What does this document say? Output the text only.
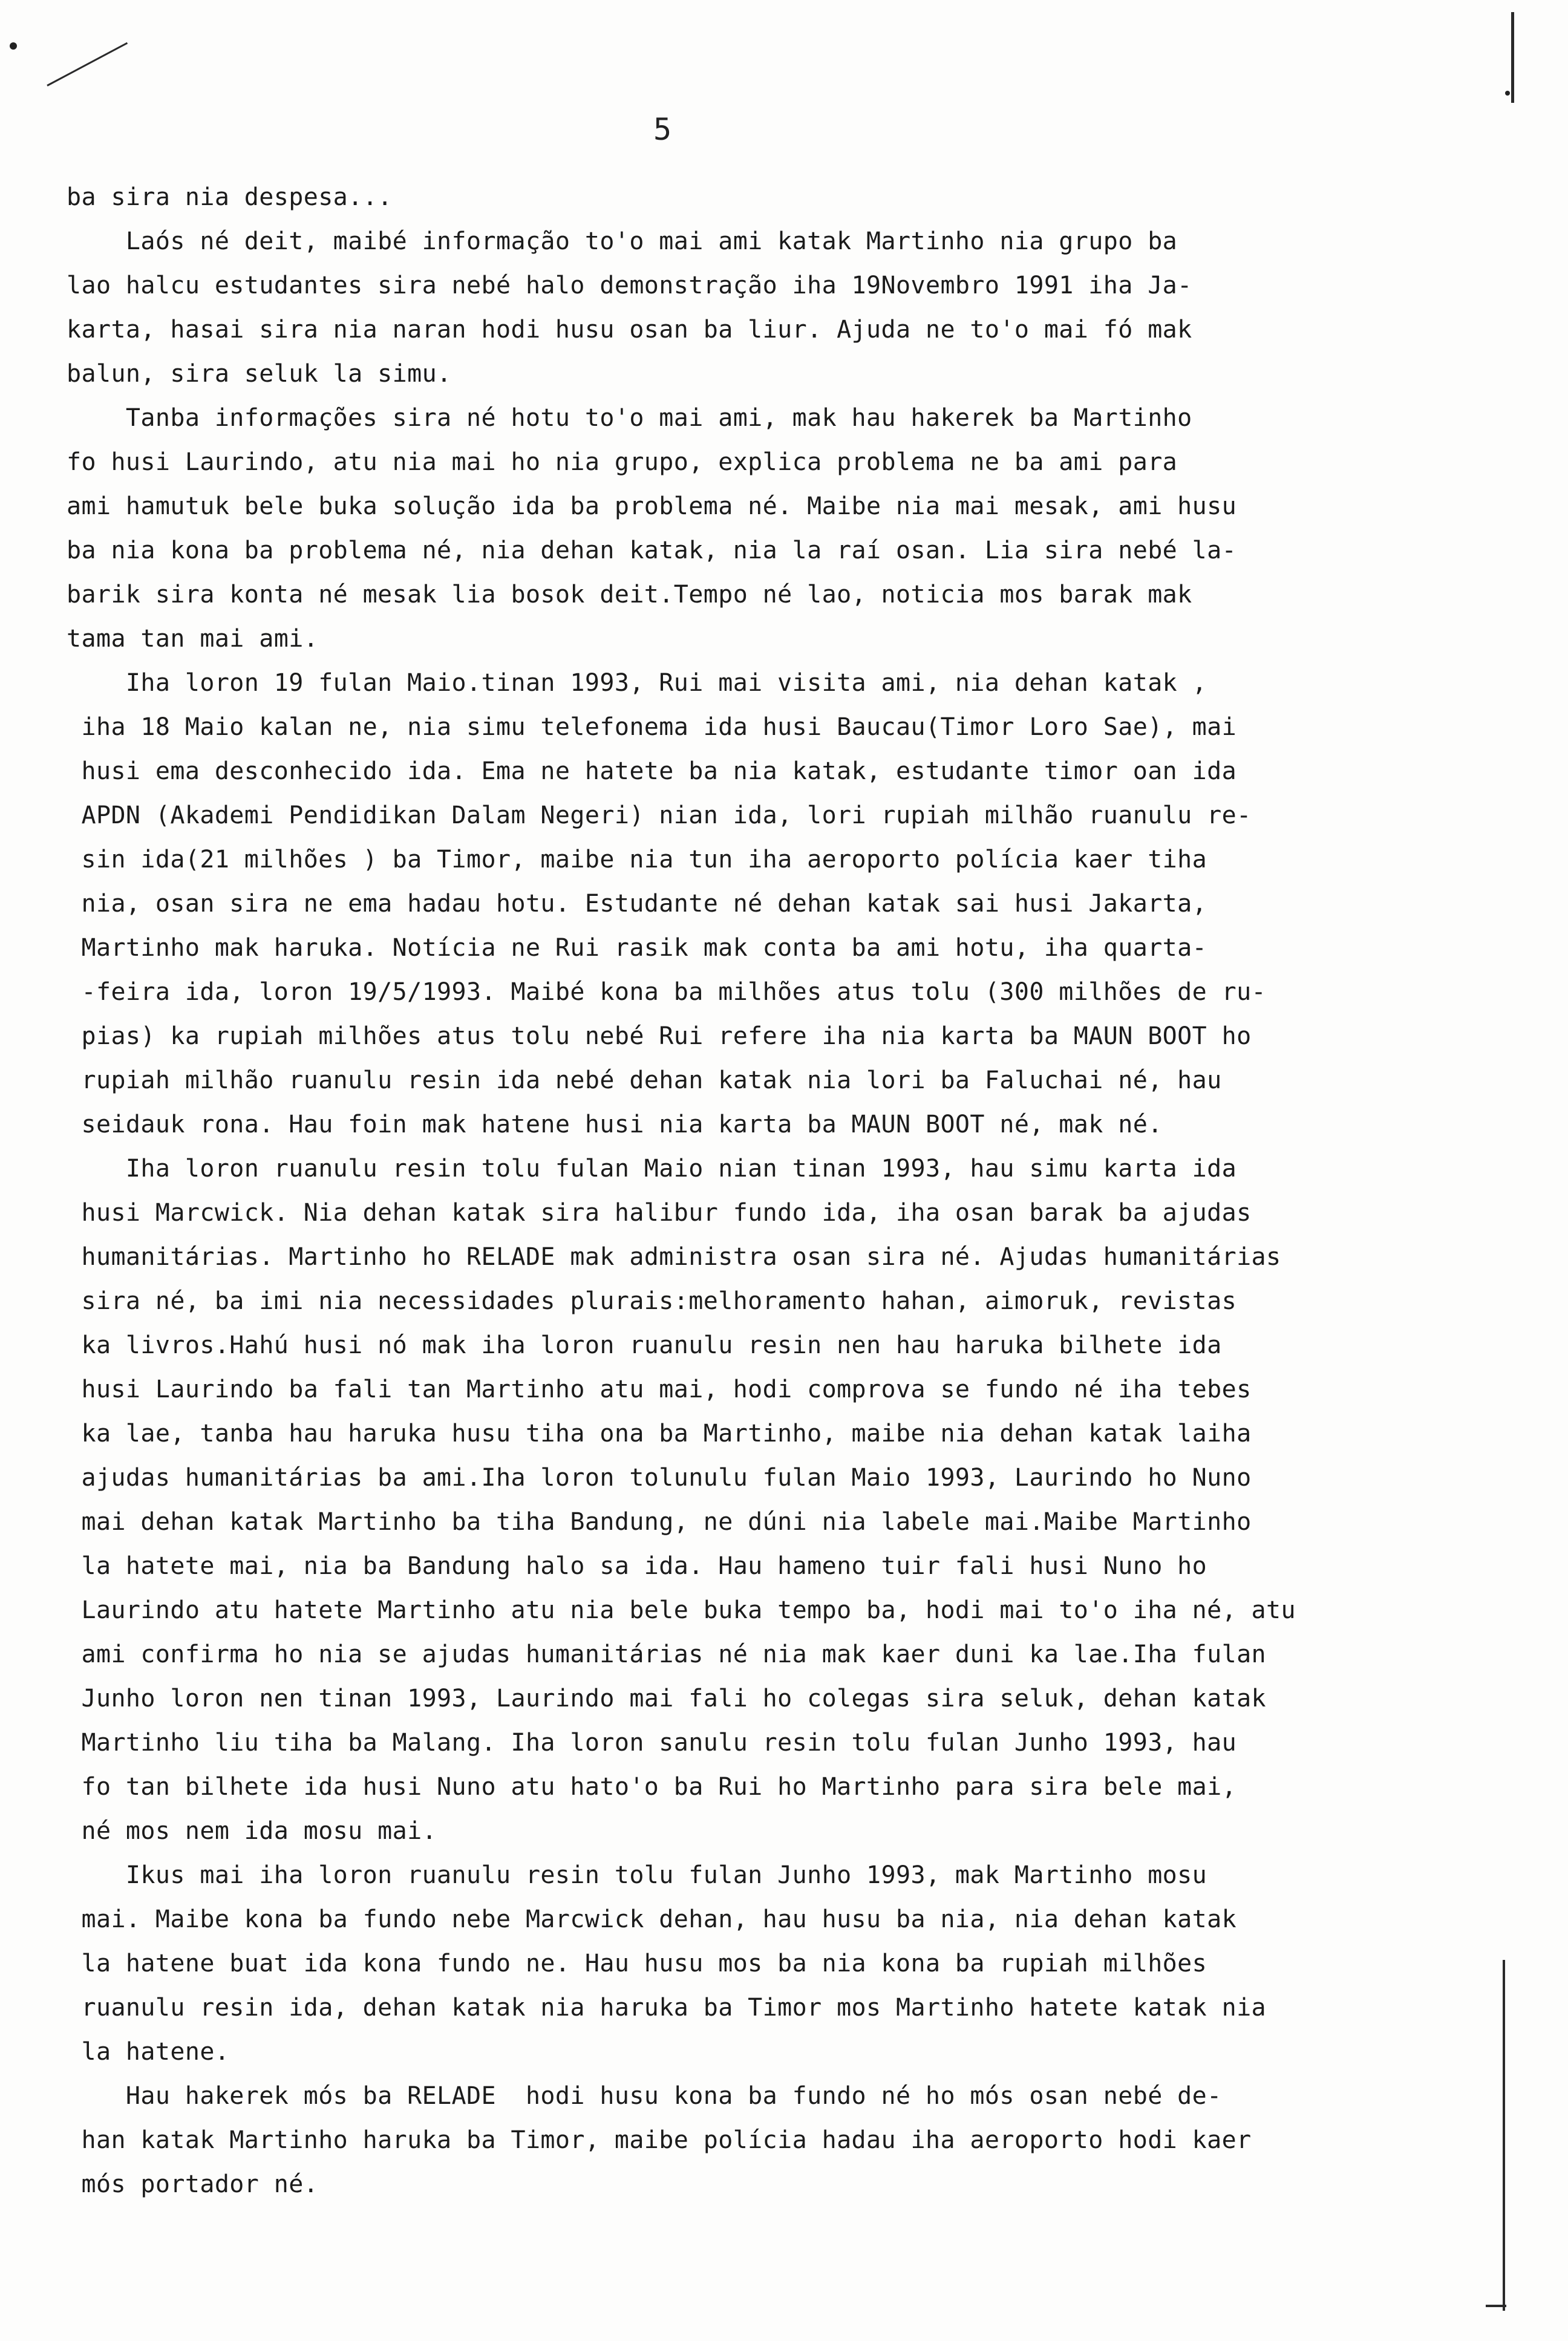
5
ba sira nia despesa...
Laós né deit, maibé informação to'o mai ami katak Martinho nia grupo ba
lao halcu estudantes sira nebé halo demonstração iha 19Novembro 1991 iha Ja-
karta, hasai sira nia naran hodi husu osan ba liur. Ajuda ne to'o mai fó mak
balun, sira seluk la simu.
Tanba informações sira né hotu to'o mai ami, mak hau hakerek ba Martinho
fo husi Laurindo, atu nia mai ho nia grupo, explica problema ne ba ami para
ami hamutuk bele buka solução ida ba problema né. Maibe nia mai mesak, ami husu
ba nia kona ba problema né, nia dehan katak, nia la raí osan. Lia sira nebé la-
barik sira konta né mesak lia bosok deit.Tempo né lao, noticia mos barak mak
tama tan mai ami.
Iha loron 19 fulan Maio.tinan 1993, Rui mai visita ami, nia dehan katak ,
iha 18 Maio kalan ne, nia simu telefonema ida husi Baucau(Timor Loro Sae), mai
husi ema desconhecido ida. Ema ne hatete ba nia katak, estudante timor oan ida
APDN (Akademi Pendidikan Dalam Negeri) nian ida, lori rupiah milhão ruanulu re-
sin ida(21 milhões ) ba Timor, maibe nia tun iha aeroporto polícia kaer tiha
nia, osan sira ne ema hadau hotu. Estudante né dehan katak sai husi Jakarta,
Martinho mak haruka. Notícia ne Rui rasik mak conta ba ami hotu, iha quarta-
-feira ida, loron 19/5/1993. Maibé kona ba milhões atus tolu (300 milhões de ru-
pias) ka rupiah milhões atus tolu nebé Rui refere iha nia karta ba MAUN BOOT ho
rupiah milhão ruanulu resin ida nebé dehan katak nia lori ba Faluchai né, hau
seidauk rona. Hau foin mak hatene husi nia karta ba MAUN BOOT né, mak né.
Iha loron ruanulu resin tolu fulan Maio nian tinan 1993, hau simu karta ida
husi Marcwick. Nia dehan katak sira halibur fundo ida, iha osan barak ba ajudas
humanitárias. Martinho ho RELADE mak administra osan sira né. Ajudas humanitárias
sira né, ba imi nia necessidades plurais:melhoramento hahan, aimoruk, revistas
ka livros.Hahú husi nó mak iha loron ruanulu resin nen hau haruka bilhete ida
husi Laurindo ba fali tan Martinho atu mai, hodi comprova se fundo né iha tebes
ka lae, tanba hau haruka husu tiha ona ba Martinho, maibe nia dehan katak laiha
ajudas humanitárias ba ami.Iha loron tolunulu fulan Maio 1993, Laurindo ho Nuno
mai dehan katak Martinho ba tiha Bandung, ne dúni nia labele mai.Maibe Martinho
la hatete mai, nia ba Bandung halo sa ida. Hau hameno tuir fali husi Nuno ho
Laurindo atu hatete Martinho atu nia bele buka tempo ba, hodi mai to'o iha né, atu
ami confirma ho nia se ajudas humanitárias né nia mak kaer duni ka lae.Iha fulan
Junho loron nen tinan 1993, Laurindo mai fali ho colegas sira seluk, dehan katak
Martinho liu tiha ba Malang. Iha loron sanulu resin tolu fulan Junho 1993, hau
fo tan bilhete ida husi Nuno atu hato'o ba Rui ho Martinho para sira bele mai,
né mos nem ida mosu mai.
Ikus mai iha loron ruanulu resin tolu fulan Junho 1993, mak Martinho mosu
mai. Maibe kona ba fundo nebe Marcwick dehan, hau husu ba nia, nia dehan katak
la hatene buat ida kona fundo ne. Hau husu mos ba nia kona ba rupiah milhões
ruanulu resin ida, dehan katak nia haruka ba Timor mos Martinho hatete katak nia
la hatene.
Hau hakerek mós ba RELADE  hodi husu kona ba fundo né ho mós osan nebé de-
han katak Martinho haruka ba Timor, maibe polícia hadau iha aeroporto hodi kaer
mós portador né.
